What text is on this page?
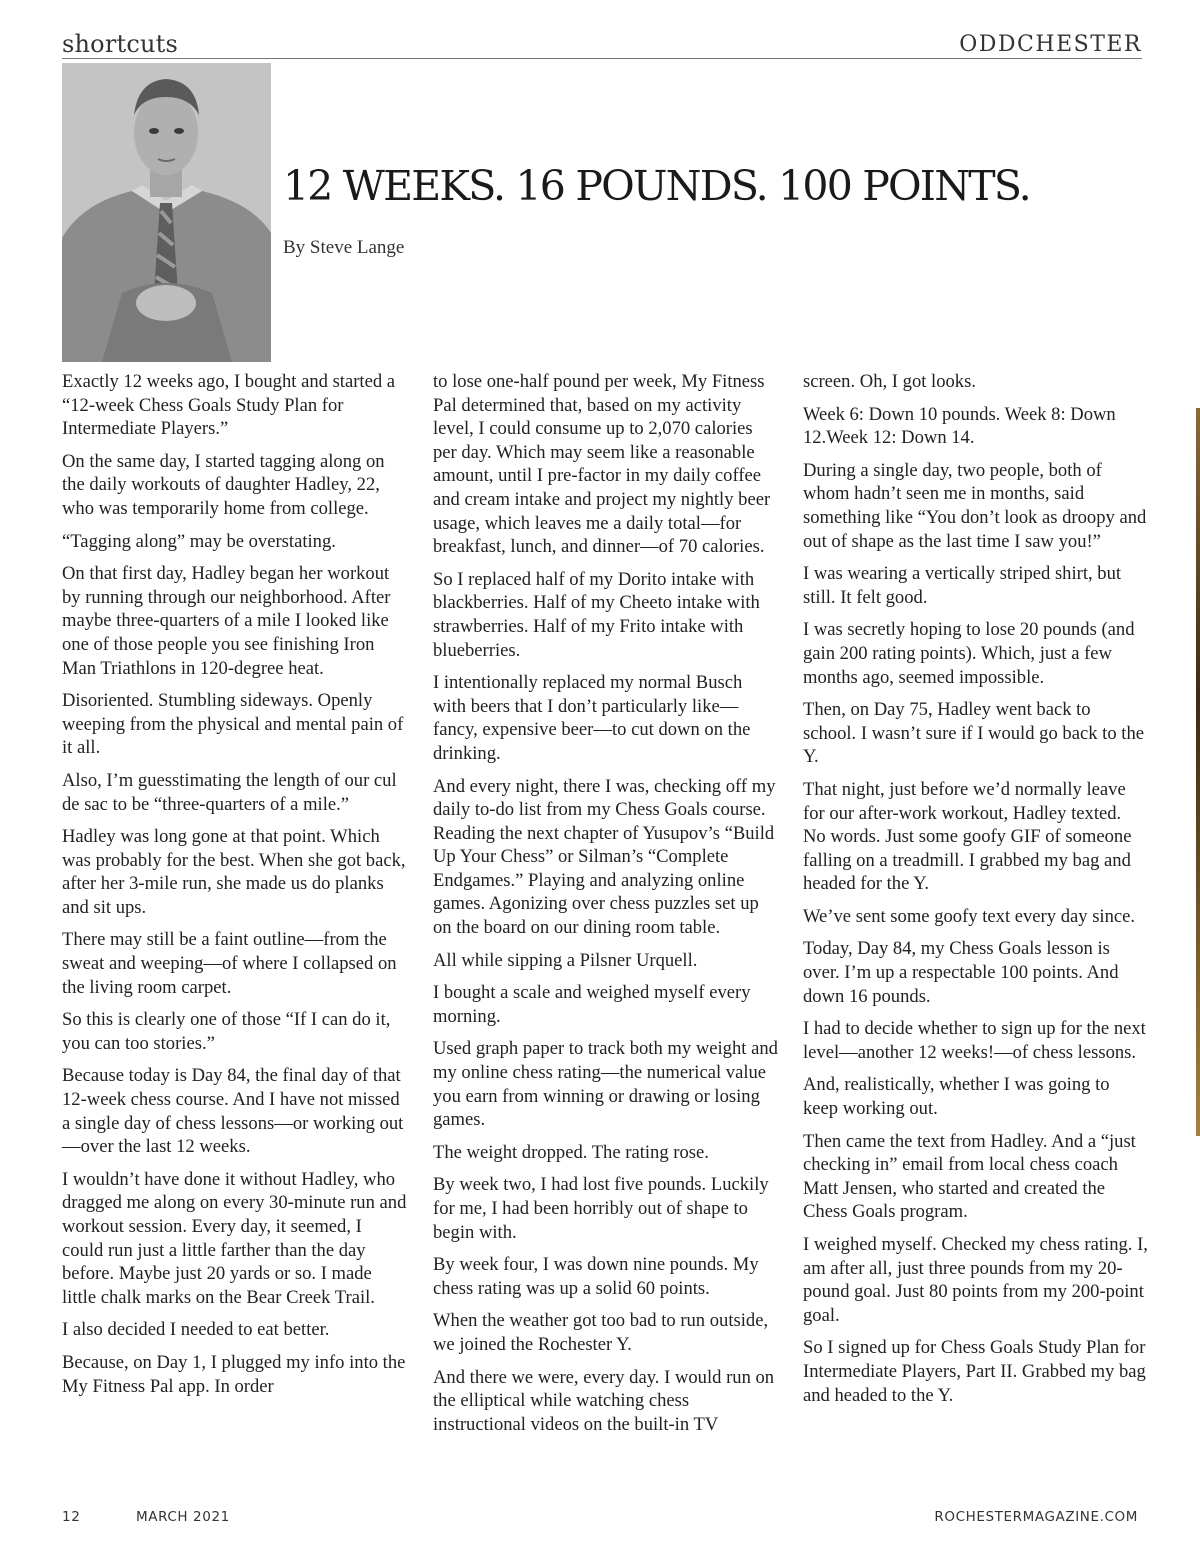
shortcuts	ODDCHESTER
12 WEEKS. 16 POUNDS. 100 POINTS.
By Steve Lange

Exactly 12 weeks ago, I bought and started a “12-week Chess Goals Study Plan for Intermediate Players.”

On the same day, I started tagging along on the daily workouts of daughter Hadley, 22, who was temporarily home from college.

“Tagging along” may be overstating.

On that first day, Hadley began her workout by running through our neighborhood. After maybe three-quarters of a mile I looked like one of those people you see finishing Iron Man Triathlons in 120-degree heat.

Disoriented. Stumbling sideways. Openly weeping from the physical and mental pain of it all.

Also, I’m guesstimating the length of our cul de sac to be “three-quarters of a mile.”

Hadley was long gone at that point. Which was probably for the best. When she got back, after her 3-mile run, she made us do planks and sit ups.

There may still be a faint outline—from the sweat and weeping—of where I collapsed on the living room carpet.

So this is clearly one of those “If I can do it, you can too stories.”

Because today is Day 84, the final day of that 12-week chess course. And I have not missed a single day of chess lessons—or working out—over the last 12 weeks.

I wouldn’t have done it without Hadley, who dragged me along on every 30-minute run and workout session. Every day, it seemed, I could run just a little farther than the day before. Maybe just 20 yards or so. I made little chalk marks on the Bear Creek Trail.

I also decided I needed to eat better.

Because, on Day 1, I plugged my info into the My Fitness Pal app. In order

to lose one-half pound per week, My Fitness Pal determined that, based on my activity level, I could consume up to 2,070 calories per day. Which may seem like a reasonable amount, until I pre-factor in my daily coffee and cream intake and project my nightly beer usage, which leaves me a daily total—for breakfast, lunch, and dinner—of 70 calories.

So I replaced half of my Dorito intake with blackberries. Half of my Cheeto intake with strawberries. Half of my Frito intake with blueberries.

I intentionally replaced my normal Busch with beers that I don’t particularly like—fancy, expensive beer—to cut down on the drinking.

And every night, there I was, checking off my daily to-do list from my Chess Goals course. Reading the next chapter of Yusupov’s “Build Up Your Chess” or Silman’s “Complete Endgames.” Playing and analyzing online games. Agonizing over chess puzzles set up on the board on our dining room table.

All while sipping a Pilsner Urquell.

I bought a scale and weighed myself every morning.

Used graph paper to track both my weight and my online chess rating—the numerical value you earn from winning or drawing or losing games.

The weight dropped. The rating rose.

By week two, I had lost five pounds. Luckily for me, I had been horribly out of shape to begin with.

By week four, I was down nine pounds. My chess rating was up a solid 60 points.

When the weather got too bad to run outside, we joined the Rochester Y.

And there we were, every day. I would run on the elliptical while watching chess instructional videos on the built-in TV

screen. Oh, I got looks.

Week 6: Down 10 pounds. Week 8: Down 12.Week 12: Down 14.

During a single day, two people, both of whom hadn’t seen me in months, said something like “You don’t look as droopy and out of shape as the last time I saw you!”

I was wearing a vertically striped shirt, but still. It felt good.

I was secretly hoping to lose 20 pounds (and gain 200 rating points). Which, just a few months ago, seemed impossible.

Then, on Day 75, Hadley went back to school. I wasn’t sure if I would go back to the Y.

That night, just before we’d normally leave for our after-work workout, Hadley texted. No words. Just some goofy GIF of someone falling on a treadmill. I grabbed my bag and headed for the Y.

We’ve sent some goofy text every day since.

Today, Day 84, my Chess Goals lesson is over. I’m up a respectable 100 points. And down 16 pounds.

I had to decide whether to sign up for the next level—another 12 weeks!—of chess lessons.

And, realistically, whether I was going to keep working out.

Then came the text from Hadley. And a “just checking in” email from local chess coach Matt Jensen, who started and created the Chess Goals program.

I weighed myself. Checked my chess rating. I, am after all, just three pounds from my 20-pound goal. Just 80 points from my 200-point goal.

So I signed up for Chess Goals Study Plan for Intermediate Players, Part II. Grabbed my bag and headed to the Y.

12	MARCH 2021	ROCHESTERMAGAZINE.COM
